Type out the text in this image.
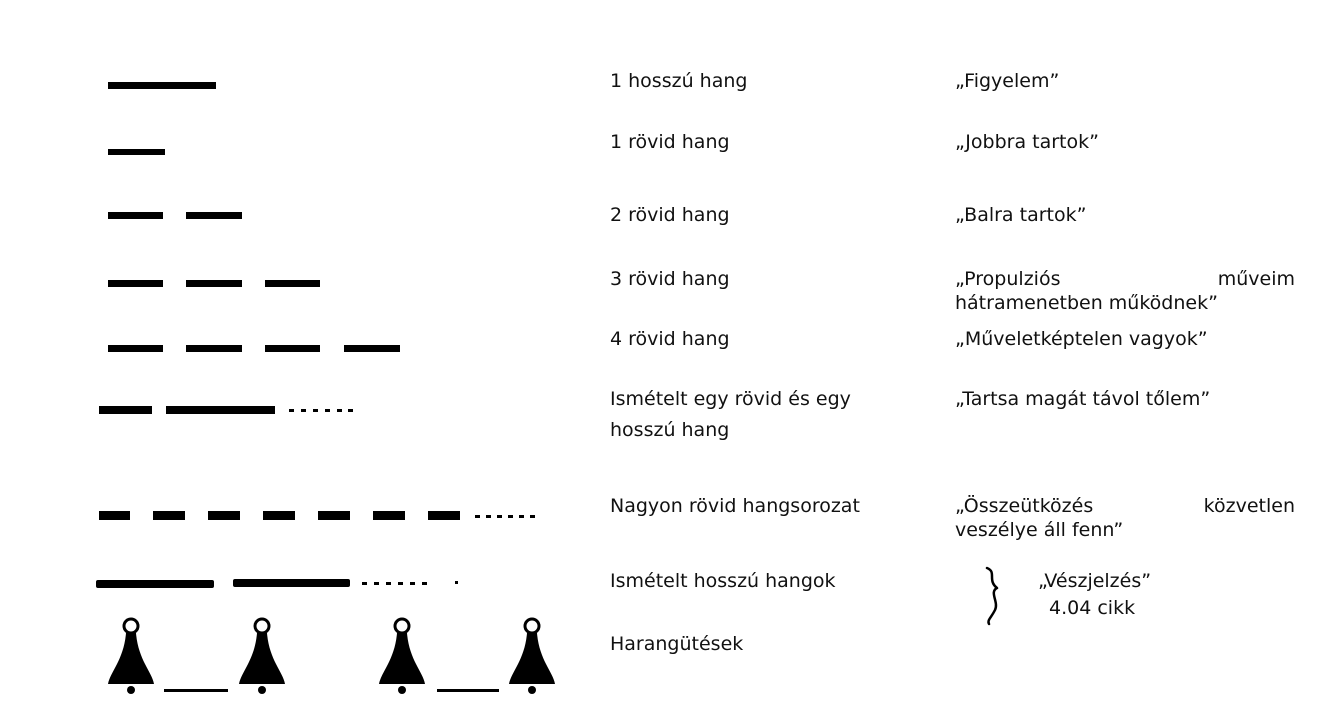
1 hosszú hang
1 rövid hang
2 rövid hang
3 rövid hang
4 rövid hang
Ismételt egy rövid és egy
hosszú hang
Nagyon rövid hangsorozat
Ismételt hosszú hangok
Harangütések
„Figyelem”
„Jobbra tartok”
„Balra tartok”
„Propulziós műveim
hátramenetben működnek”
„Műveletképtelen vagyok”
„Tartsa magát távol tőlem”
„Összeütközés közvetlen
veszélye áll fenn”
„Vészjelzés”
4.04 cikk
